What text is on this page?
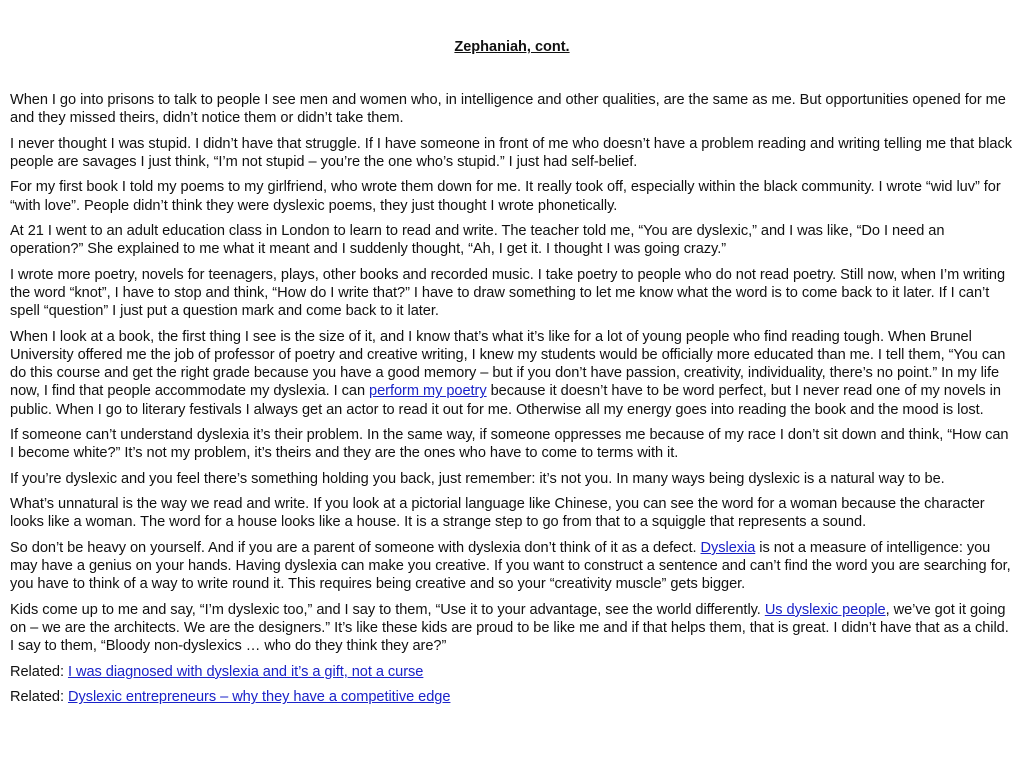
Zephaniah, cont.

When I go into prisons to talk to people I see men and women who, in intelligence and other qualities, are the same as me. But opportunities opened for me and they missed theirs, didn’t notice them or didn’t take them.

I never thought I was stupid. I didn’t have that struggle. If I have someone in front of me who doesn’t have a problem reading and writing telling me that black people are savages I just think, “I’m not stupid – you’re the one who’s stupid.” I just had self-belief.

For my first book I told my poems to my girlfriend, who wrote them down for me. It really took off, especially within the black community. I wrote “wid luv” for “with love”. People didn’t think they were dyslexic poems, they just thought I wrote phonetically.

At 21 I went to an adult education class in London to learn to read and write. The teacher told me, “You are dyslexic,” and I was like, “Do I need an operation?” She explained to me what it meant and I suddenly thought, “Ah, I get it. I thought I was going crazy.”

I wrote more poetry, novels for teenagers, plays, other books and recorded music. I take poetry to people who do not read poetry. Still now, when I’m writing the word “knot”, I have to stop and think, “How do I write that?” I have to draw something to let me know what the word is to come back to it later. If I can’t spell “question” I just put a question mark and come back to it later.

When I look at a book, the first thing I see is the size of it, and I know that’s what it’s like for a lot of young people who find reading tough. When Brunel University offered me the job of professor of poetry and creative writing, I knew my students would be officially more educated than me. I tell them, “You can do this course and get the right grade because you have a good memory – but if you don’t have passion, creativity, individuality, there’s no point.” In my life now, I find that people accommodate my dyslexia. I can perform my poetry because it doesn’t have to be word perfect, but I never read one of my novels in public. When I go to literary festivals I always get an actor to read it out for me. Otherwise all my energy goes into reading the book and the mood is lost.

If someone can’t understand dyslexia it’s their problem. In the same way, if someone oppresses me because of my race I don’t sit down and think, “How can I become white?” It’s not my problem, it’s theirs and they are the ones who have to come to terms with it.

If you’re dyslexic and you feel there’s something holding you back, just remember: it’s not you. In many ways being dyslexic is a natural way to be.

What’s unnatural is the way we read and write. If you look at a pictorial language like Chinese, you can see the word for a woman because the character looks like a woman. The word for a house looks like a house. It is a strange step to go from that to a squiggle that represents a sound.

So don’t be heavy on yourself. And if you are a parent of someone with dyslexia don’t think of it as a defect. Dyslexia is not a measure of intelligence: you may have a genius on your hands. Having dyslexia can make you creative. If you want to construct a sentence and can’t find the word you are searching for, you have to think of a way to write round it. This requires being creative and so your “creativity muscle” gets bigger.

Kids come up to me and say, “I’m dyslexic too,” and I say to them, “Use it to your advantage, see the world differently. Us dyslexic people, we’ve got it going on – we are the architects. We are the designers.” It’s like these kids are proud to be like me and if that helps them, that is great. I didn’t have that as a child. I say to them, “Bloody non-dyslexics … who do they think they are?”

Related: I was diagnosed with dyslexia and it’s a gift, not a curse

Related: Dyslexic entrepreneurs – why they have a competitive edge
